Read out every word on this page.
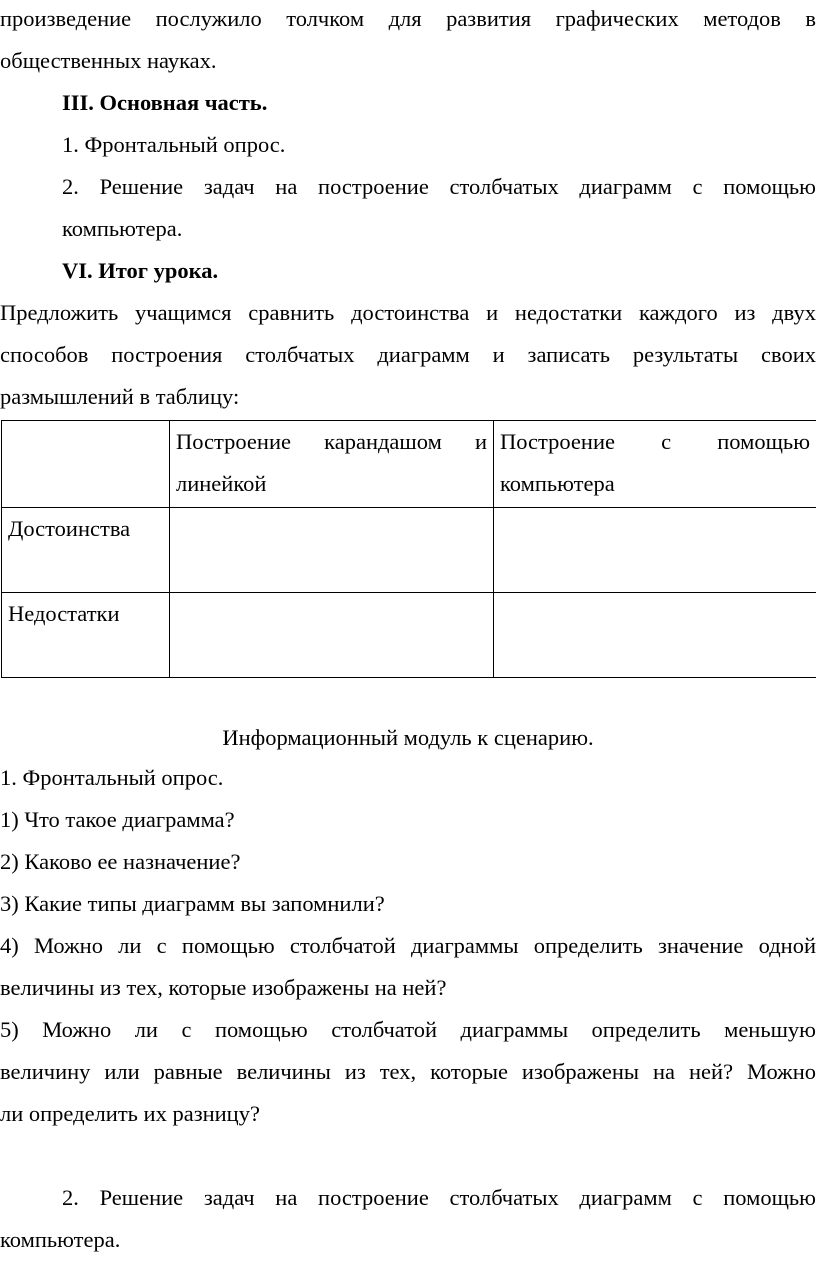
произведение послужило толчком для развития графических методов в
общественных науках.
III. Основная часть.
1. Фронтальный опрос.
2. Решение задач на построение столбчатых диаграмм с помощью
компьютера.
VI. Итог урока.
Предложить учащимся сравнить достоинства и недостатки каждого из двух
способов построения столбчатых диаграмм и записать результаты своих
размышлений в таблицу:

	Построение карандашом и
линейкой	Построение с помощью
компьютера
Достоинства		
Недостатки		
Информационный модуль к сценарию.
1. Фронтальный опрос.
1) Что такое диаграмма?
2) Каково ее назначение?
3) Какие типы диаграмм вы запомнили?
4) Можно ли с помощью столбчатой диаграммы определить значение одной
величины из тех, которые изображены на ней?
5) Можно ли с помощью столбчатой диаграммы определить меньшую
величину или равные величины из тех, которые изображены на ней? Можно
ли определить их разницу?
2. Решение задач на построение столбчатых диаграмм с помощью
компьютера.
